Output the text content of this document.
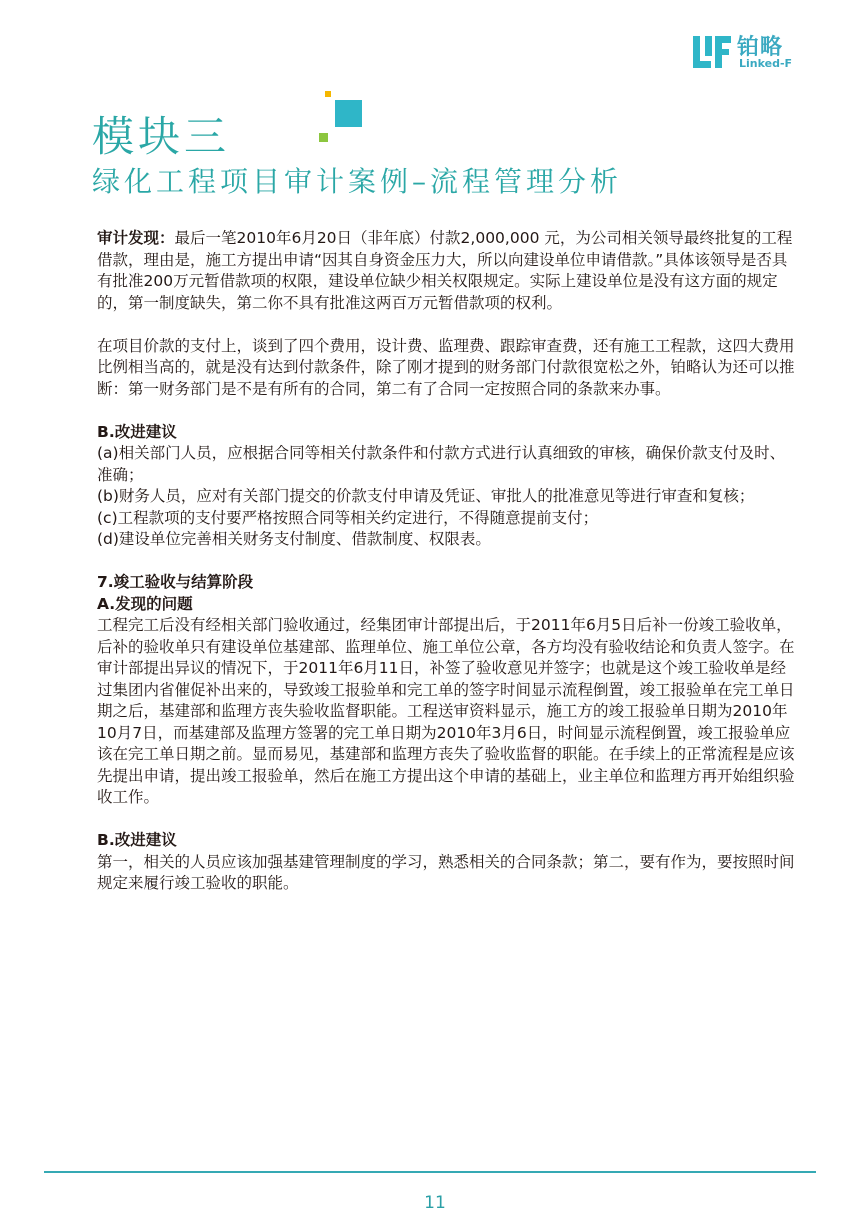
铂略
Linked-F
模块三
绿化工程项目审计案例–流程管理分析

审计发现：最后一笔2010年6月20日（非年底）付款2,000,000 元，为公司相关领导最终批复的工程借款，理由是，施工方提出申请“因其自身资金压力大，所以向建设单位申请借款。”具体该领导是否具有批准200万元暂借款项的权限，建设单位缺少相关权限规定。实际上建设单位是没有这方面的规定的，第一制度缺失，第二你不具有批准这两百万元暂借款项的权利。

在项目价款的支付上，谈到了四个费用，设计费、监理费、跟踪审查费，还有施工工程款，这四大费用比例相当高的，就是没有达到付款条件，除了刚才提到的财务部门付款很宽松之外，铂略认为还可以推断：第一财务部门是不是有所有的合同，第二有了合同一定按照合同的条款来办事。

B.改进建议

(a)相关部门人员，应根据合同等相关付款条件和付款方式进行认真细致的审核，确保价款支付及时、准确；

(b)财务人员，应对有关部门提交的价款支付申请及凭证、审批人的批准意见等进行审查和复核；

(c)工程款项的支付要严格按照合同等相关约定进行，不得随意提前支付；

(d)建设单位完善相关财务支付制度、借款制度、权限表。

7.竣工验收与结算阶段

A.发现的问题

工程完工后没有经相关部门验收通过，经集团审计部提出后，于2011年6月5日后补一份竣工验收单，后补的验收单只有建设单位基建部、监理单位、施工单位公章，各方均没有验收结论和负责人签字。在审计部提出异议的情况下，于2011年6月11日，补签了验收意见并签字；也就是这个竣工验收单是经过集团内省催促补出来的，导致竣工报验单和完工单的签字时间显示流程倒置，竣工报验单在完工单日期之后，基建部和监理方丧失验收监督职能。工程送审资料显示，施工方的竣工报验单日期为2010年10月7日，而基建部及监理方签署的完工单日期为2010年3月6日，时间显示流程倒置，竣工报验单应该在完工单日期之前。显而易见，基建部和监理方丧失了验收监督的职能。在手续上的正常流程是应该先提出申请，提出竣工报验单，然后在施工方提出这个申请的基础上，业主单位和监理方再开始组织验收工作。

B.改进建议

第一，相关的人员应该加强基建管理制度的学习，熟悉相关的合同条款；第二，要有作为，要按照时间规定来履行竣工验收的职能。

11
